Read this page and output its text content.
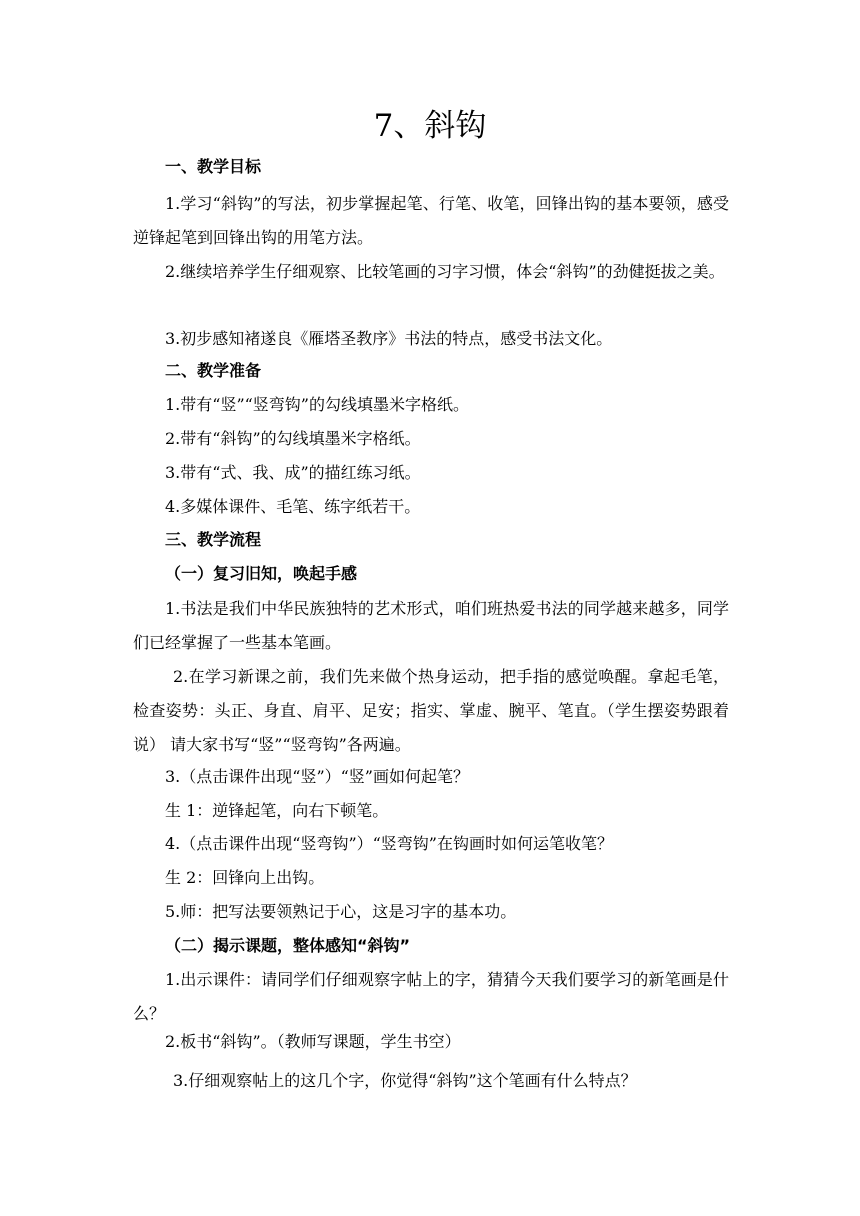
7、斜钩
一、教学目标
1.学习“斜钩”的写法，初步掌握起笔、行笔、收笔，回锋出钩的基本要领，感受逆锋起笔到回锋出钩的用笔方法。
2.继续培养学生仔细观察、比较笔画的习字习惯，体会“斜钩”的劲健挺拔之美。
3.初步感知褚遂良《雁塔圣教序》书法的特点，感受书法文化。
二、教学准备
1.带有“竖”“竖弯钩”的勾线填墨米字格纸。
2.带有“斜钩”的勾线填墨米字格纸。
3.带有“式、我、成”的描红练习纸。
4.多媒体课件、毛笔、练字纸若干。
三、教学流程
（一）复习旧知，唤起手感
1.书法是我们中华民族独特的艺术形式，咱们班热爱书法的同学越来越多，同学们已经掌握了一些基本笔画。
2.在学习新课之前，我们先来做个热身运动，把手指的感觉唤醒。拿起毛笔，检查姿势：头正、身直、肩平、足安；指实、掌虚、腕平、笔直。（学生摆姿势跟着说） 请大家书写“竖”“竖弯钩”各两遍。
3.（点击课件出现“竖”）“竖”画如何起笔？
生 1：逆锋起笔，向右下顿笔。
4.（点击课件出现“竖弯钩”）“竖弯钩”在钩画时如何运笔收笔？
生 2：回锋向上出钩。
5.师：把写法要领熟记于心，这是习字的基本功。
（二）揭示课题，整体感知“斜钩”
1.出示课件：请同学们仔细观察字帖上的字，猜猜今天我们要学习的新笔画是什么？
2.板书“斜钩”。（教师写课题，学生书空）
3.仔细观察帖上的这几个字，你觉得“斜钩”这个笔画有什么特点？
